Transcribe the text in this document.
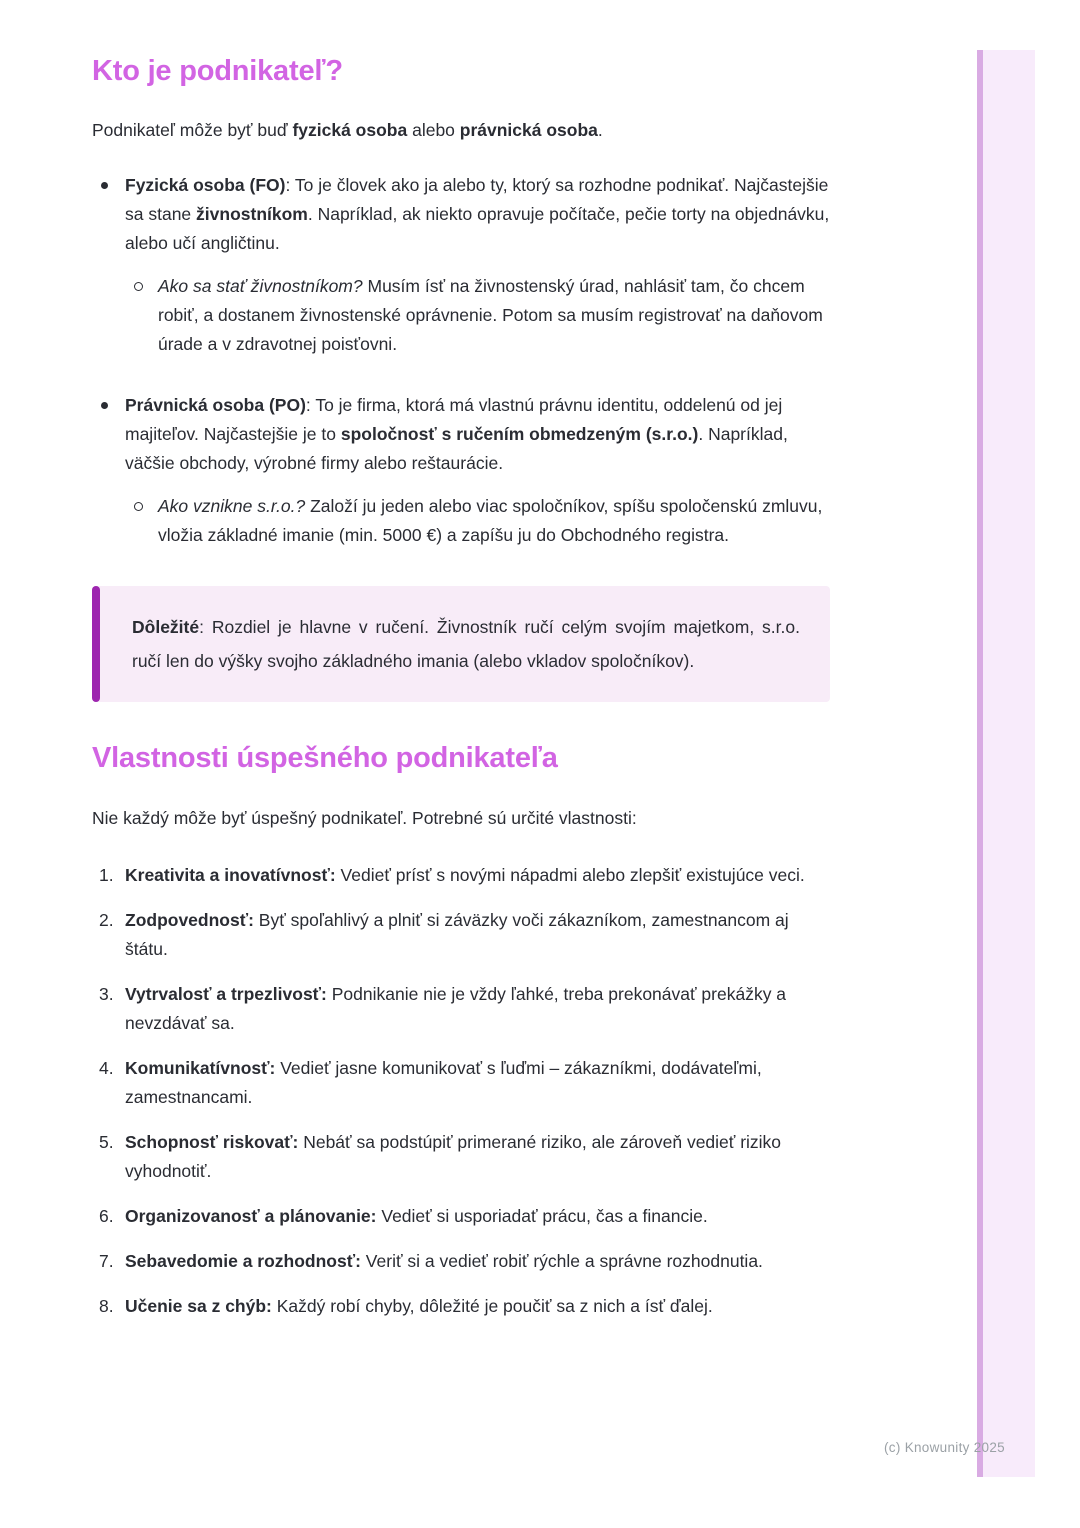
(c) Knowunity 2025
Kto je podnikateľ?

Podnikateľ môže byť buď fyzická osoba alebo právnická osoba.

Fyzická osoba (FO): To je človek ako ja alebo ty, ktorý sa rozhodne podnikať. Najčastejšie sa stane živnostníkom. Napríklad, ak niekto opravuje počítače, pečie torty na objednávku, alebo učí angličtinu.
Ako sa stať živnostníkom? Musím ísť na živnostenský úrad, nahlásiť tam, čo chcem robiť, a dostanem živnostenské oprávnenie. Potom sa musím registrovať na daňovom úrade a v zdravotnej poisťovni.
Právnická osoba (PO): To je firma, ktorá má vlastnú právnu identitu, oddelenú od jej majiteľov. Najčastejšie je to spoločnosť s ručením obmedzeným (s.r.o.). Napríklad, väčšie obchody, výrobné firmy alebo reštaurácie.
Ako vznikne s.r.o.? Založí ju jeden alebo viac spoločníkov, spíšu spoločenskú zmluvu, vložia základné imanie (min. 5000 €) a zapíšu ju do Obchodného registra.

Dôležité: Rozdiel je hlavne v ručení. Živnostník ručí celým svojím majetkom, s.r.o. ručí len do výšky svojho základného imania (alebo vkladov spoločníkov).

Vlastnosti úspešného podnikateľa

Nie každý môže byť úspešný podnikateľ. Potrebné sú určité vlastnosti:

1. Kreativita a inovatívnosť: Vedieť prísť s novými nápadmi alebo zlepšiť existujúce veci.
2. Zodpovednosť: Byť spoľahlivý a plniť si záväzky voči zákazníkom, zamestnancom aj štátu.
3. Vytrvalosť a trpezlivosť: Podnikanie nie je vždy ľahké, treba prekonávať prekážky a nevzdávať sa.
4. Komunikatívnosť: Vedieť jasne komunikovať s ľuďmi – zákazníkmi, dodávateľmi, zamestnancami.
5. Schopnosť riskovať: Nebáť sa podstúpiť primerané riziko, ale zároveň vedieť riziko vyhodnotiť.
6. Organizovanosť a plánovanie: Vedieť si usporiadať prácu, čas a financie.
7. Sebavedomie a rozhodnosť: Veriť si a vedieť robiť rýchle a správne rozhodnutia.
8. Učenie sa z chýb: Každý robí chyby, dôležité je poučiť sa z nich a ísť ďalej.
